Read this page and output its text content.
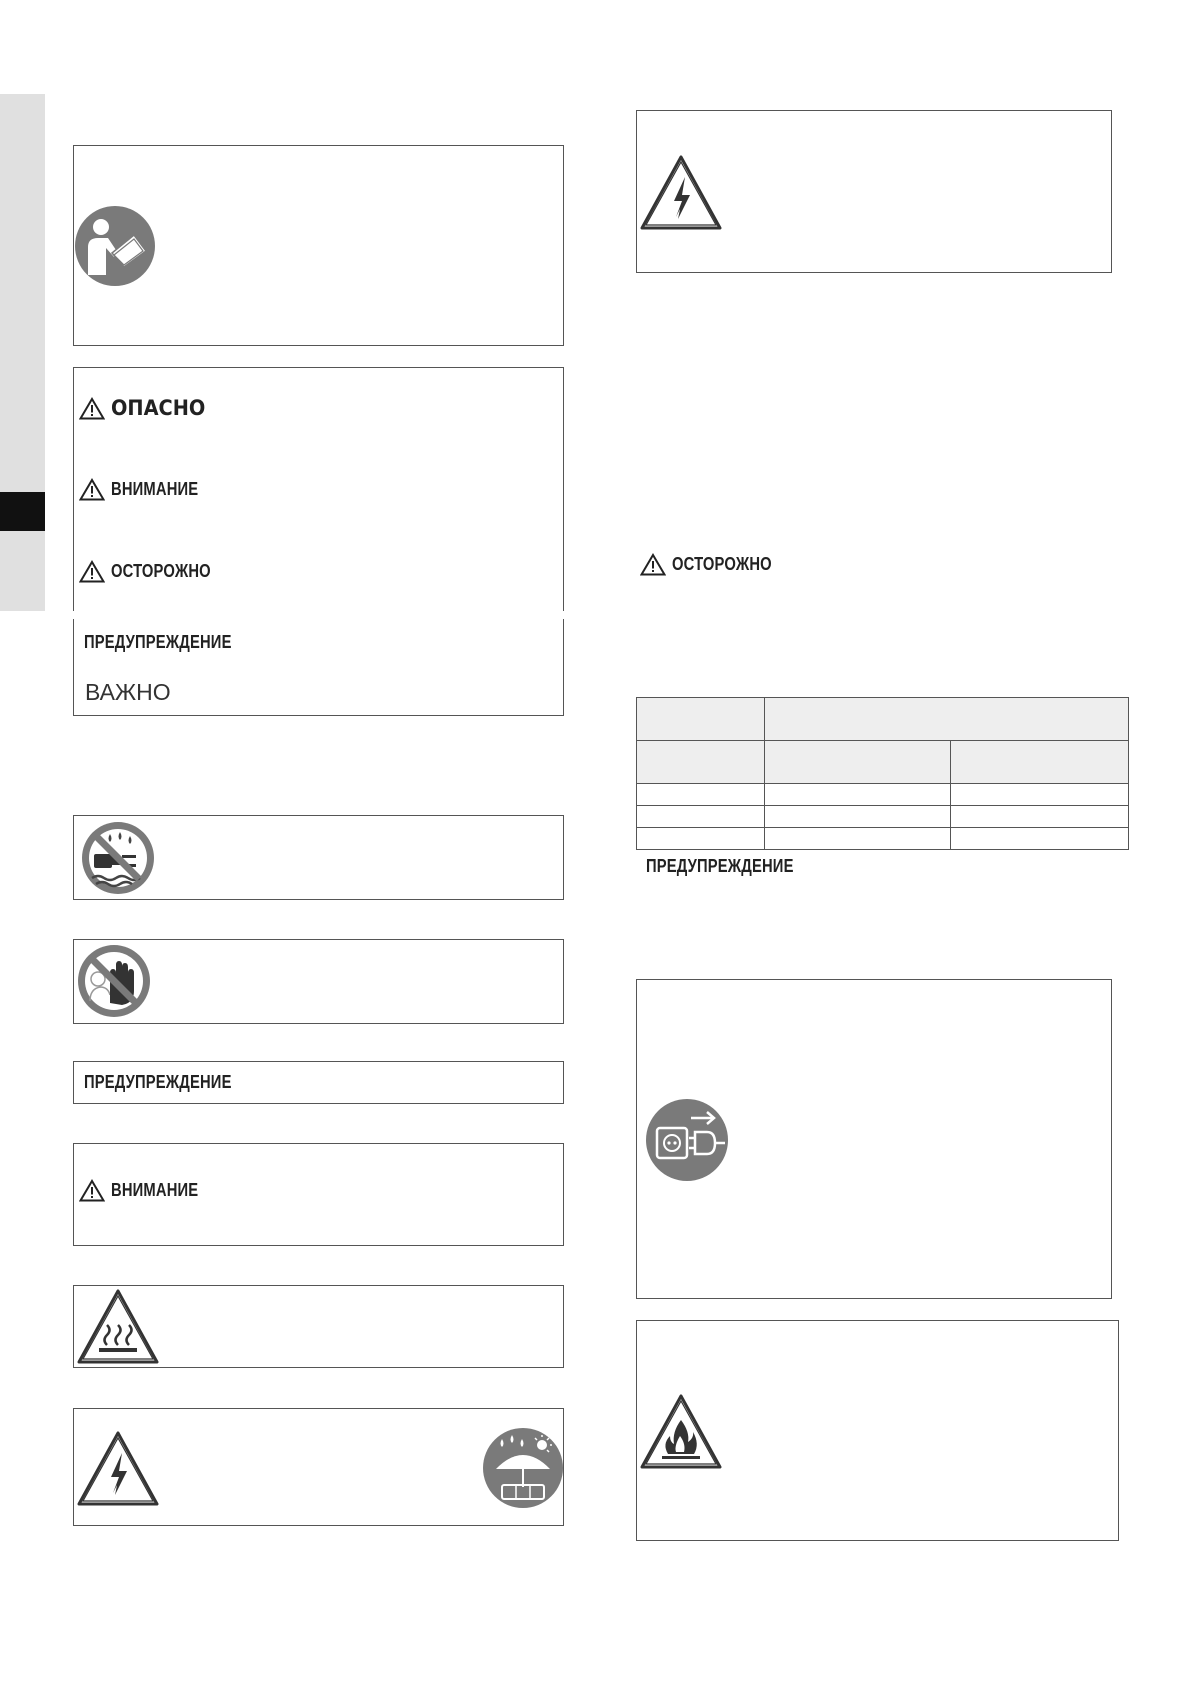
ОПАСНО
ВНИМАНИЕ
ОСТОРОЖНО
ПРЕДУПРЕЖДЕНИЕ
ВАЖНО
ПРЕДУПРЕЖДЕНИЕ
ВНИМАНИЕ
ОСТОРОЖНО

ПРЕДУПРЕЖДЕНИЕ
